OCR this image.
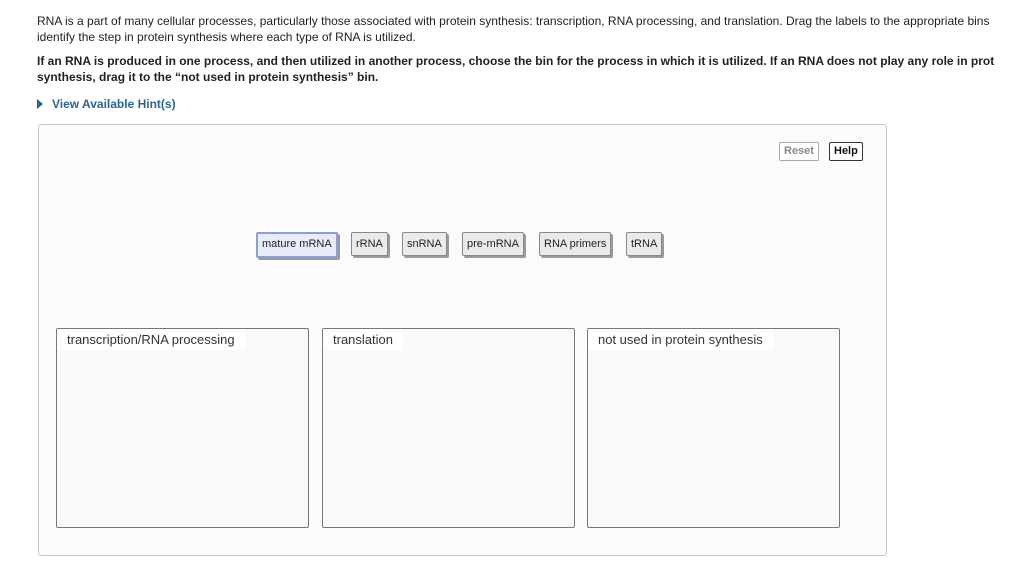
RNA is a part of many cellular processes, particularly those associated with protein synthesis: transcription, RNA processing, and translation. Drag the labels to the appropriate bins

identify the step in protein synthesis where each type of RNA is utilized.

If an RNA is produced in one process, and then utilized in another process, choose the bin for the process in which it is utilized. If an RNA does not play any role in prot

synthesis, drag it to the “not used in protein synthesis” bin.

View Available Hint(s)
Reset	Help
mature mRNA	rRNA	snRNA	pre-mRNA	RNA primers	tRNA
transcription/RNA processing	translation	not used in protein synthesis
